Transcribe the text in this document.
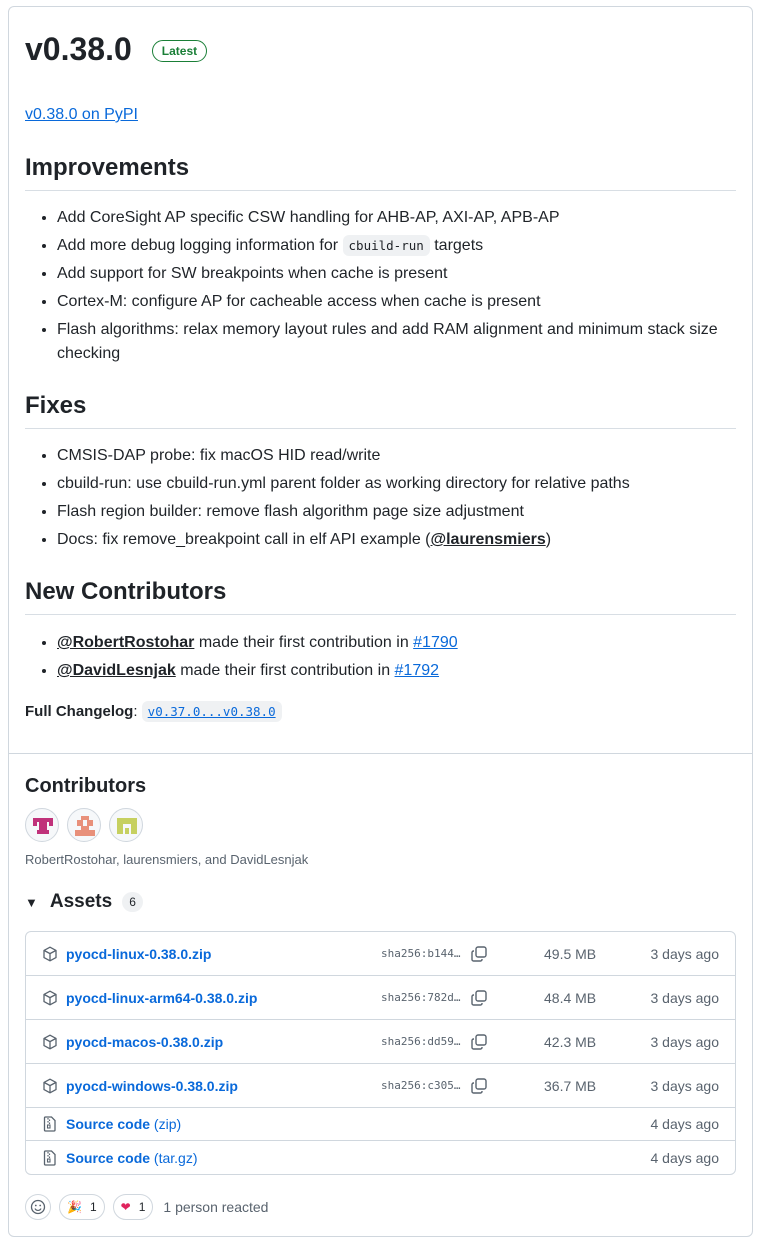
v0.38.0	Latest
v0.38.0 on PyPI
Improvements
• Add CoreSight AP specific CSW handling for AHB-AP, AXI-AP, APB-AP
• Add more debug logging information for cbuild-run targets
• Add support for SW breakpoints when cache is present
• Cortex-M: configure AP for cacheable access when cache is present
• Flash algorithms: relax memory layout rules and add RAM alignment and minimum stack size checking
Fixes
• CMSIS-DAP probe: fix macOS HID read/write
• cbuild-run: use cbuild-run.yml parent folder as working directory for relative paths
• Flash region builder: remove flash algorithm page size adjustment
• Docs: fix remove_breakpoint call in elf API example (@laurensmiers)
New Contributors
• @RobertRostohar made their first contribution in #1790
• @DavidLesnjak made their first contribution in #1792
Full Changelog: v0.37.0...v0.38.0
Contributors
RobertRostohar, laurensmiers, and DavidLesnjak
▼ Assets	6
pyocd-linux-0.38.0.zip	sha256:b144…	49.5 MB	3 days ago
pyocd-linux-arm64-0.38.0.zip	sha256:782d…	48.4 MB	3 days ago
pyocd-macos-0.38.0.zip	sha256:dd59…	42.3 MB	3 days ago
pyocd-windows-0.38.0.zip	sha256:c305…	36.7 MB	3 days ago
Source code (zip)	4 days ago
Source code (tar.gz)	4 days ago
🎉 1 ❤ 1 1 person reacted
